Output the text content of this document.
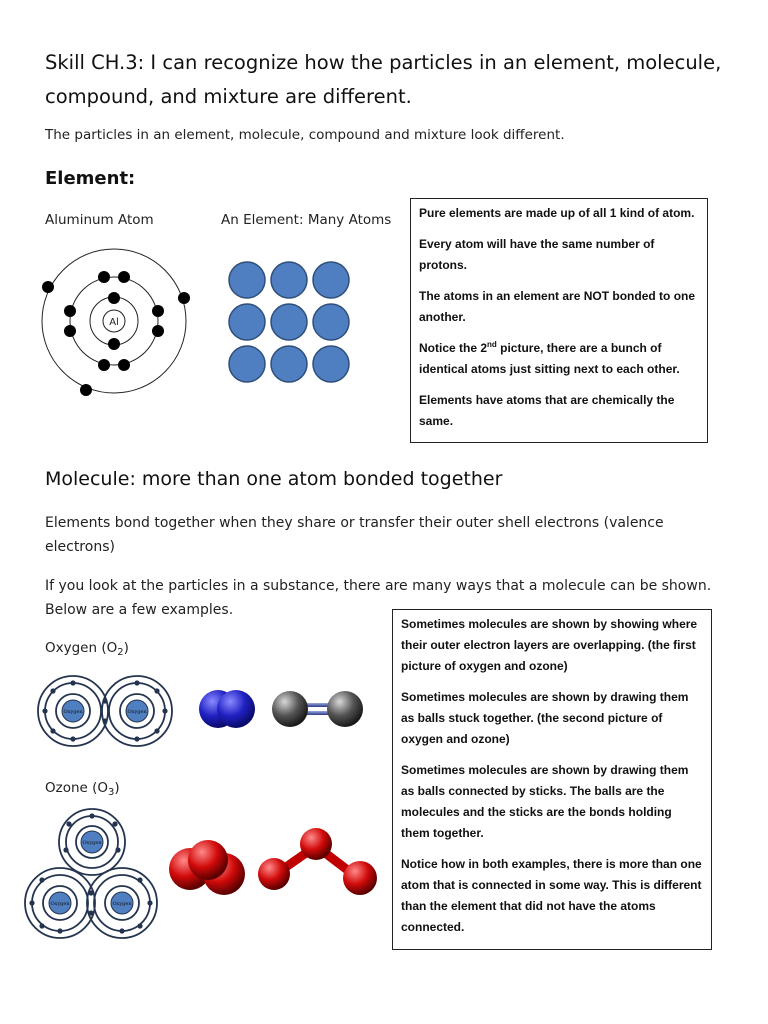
Skill CH.3: I can recognize how the particles in an element, molecule, compound, and mixture are different.
The particles in an element, molecule, compound and mixture look different.
Element:
Aluminum Atom	An Element: Many Atoms
Al

Pure elements are made up of all 1 kind of atom.

Every atom will have the same number of protons.

The atoms in an element are NOT bonded to one another.

Notice the 2nd picture, there are a bunch of identical atoms just sitting next to each other.

Elements have atoms that are chemically the same.

Molecule: more than one atom bonded together
Elements bond together when they share or transfer their outer shell electrons (valence electrons)
If you look at the particles in a substance, there are many ways that a molecule can be shown. Below are a few examples.
Oxygen $(O_2)$
Oxygen	Oxygen
Ozone $(O_3)$
Oxygen
Oxygen	Oxygen

Sometimes molecules are shown by showing where their outer electron layers are overlapping. (the first picture of oxygen and ozone)

Sometimes molecules are shown by drawing them as balls stuck together. (the second picture of oxygen and ozone)

Sometimes molecules are shown by drawing them as balls connected by sticks. The balls are the molecules and the sticks are the bonds holding them together.

Notice how in both examples, there is more than one atom that is connected in some way. This is different than the element that did not have the atoms connected.
